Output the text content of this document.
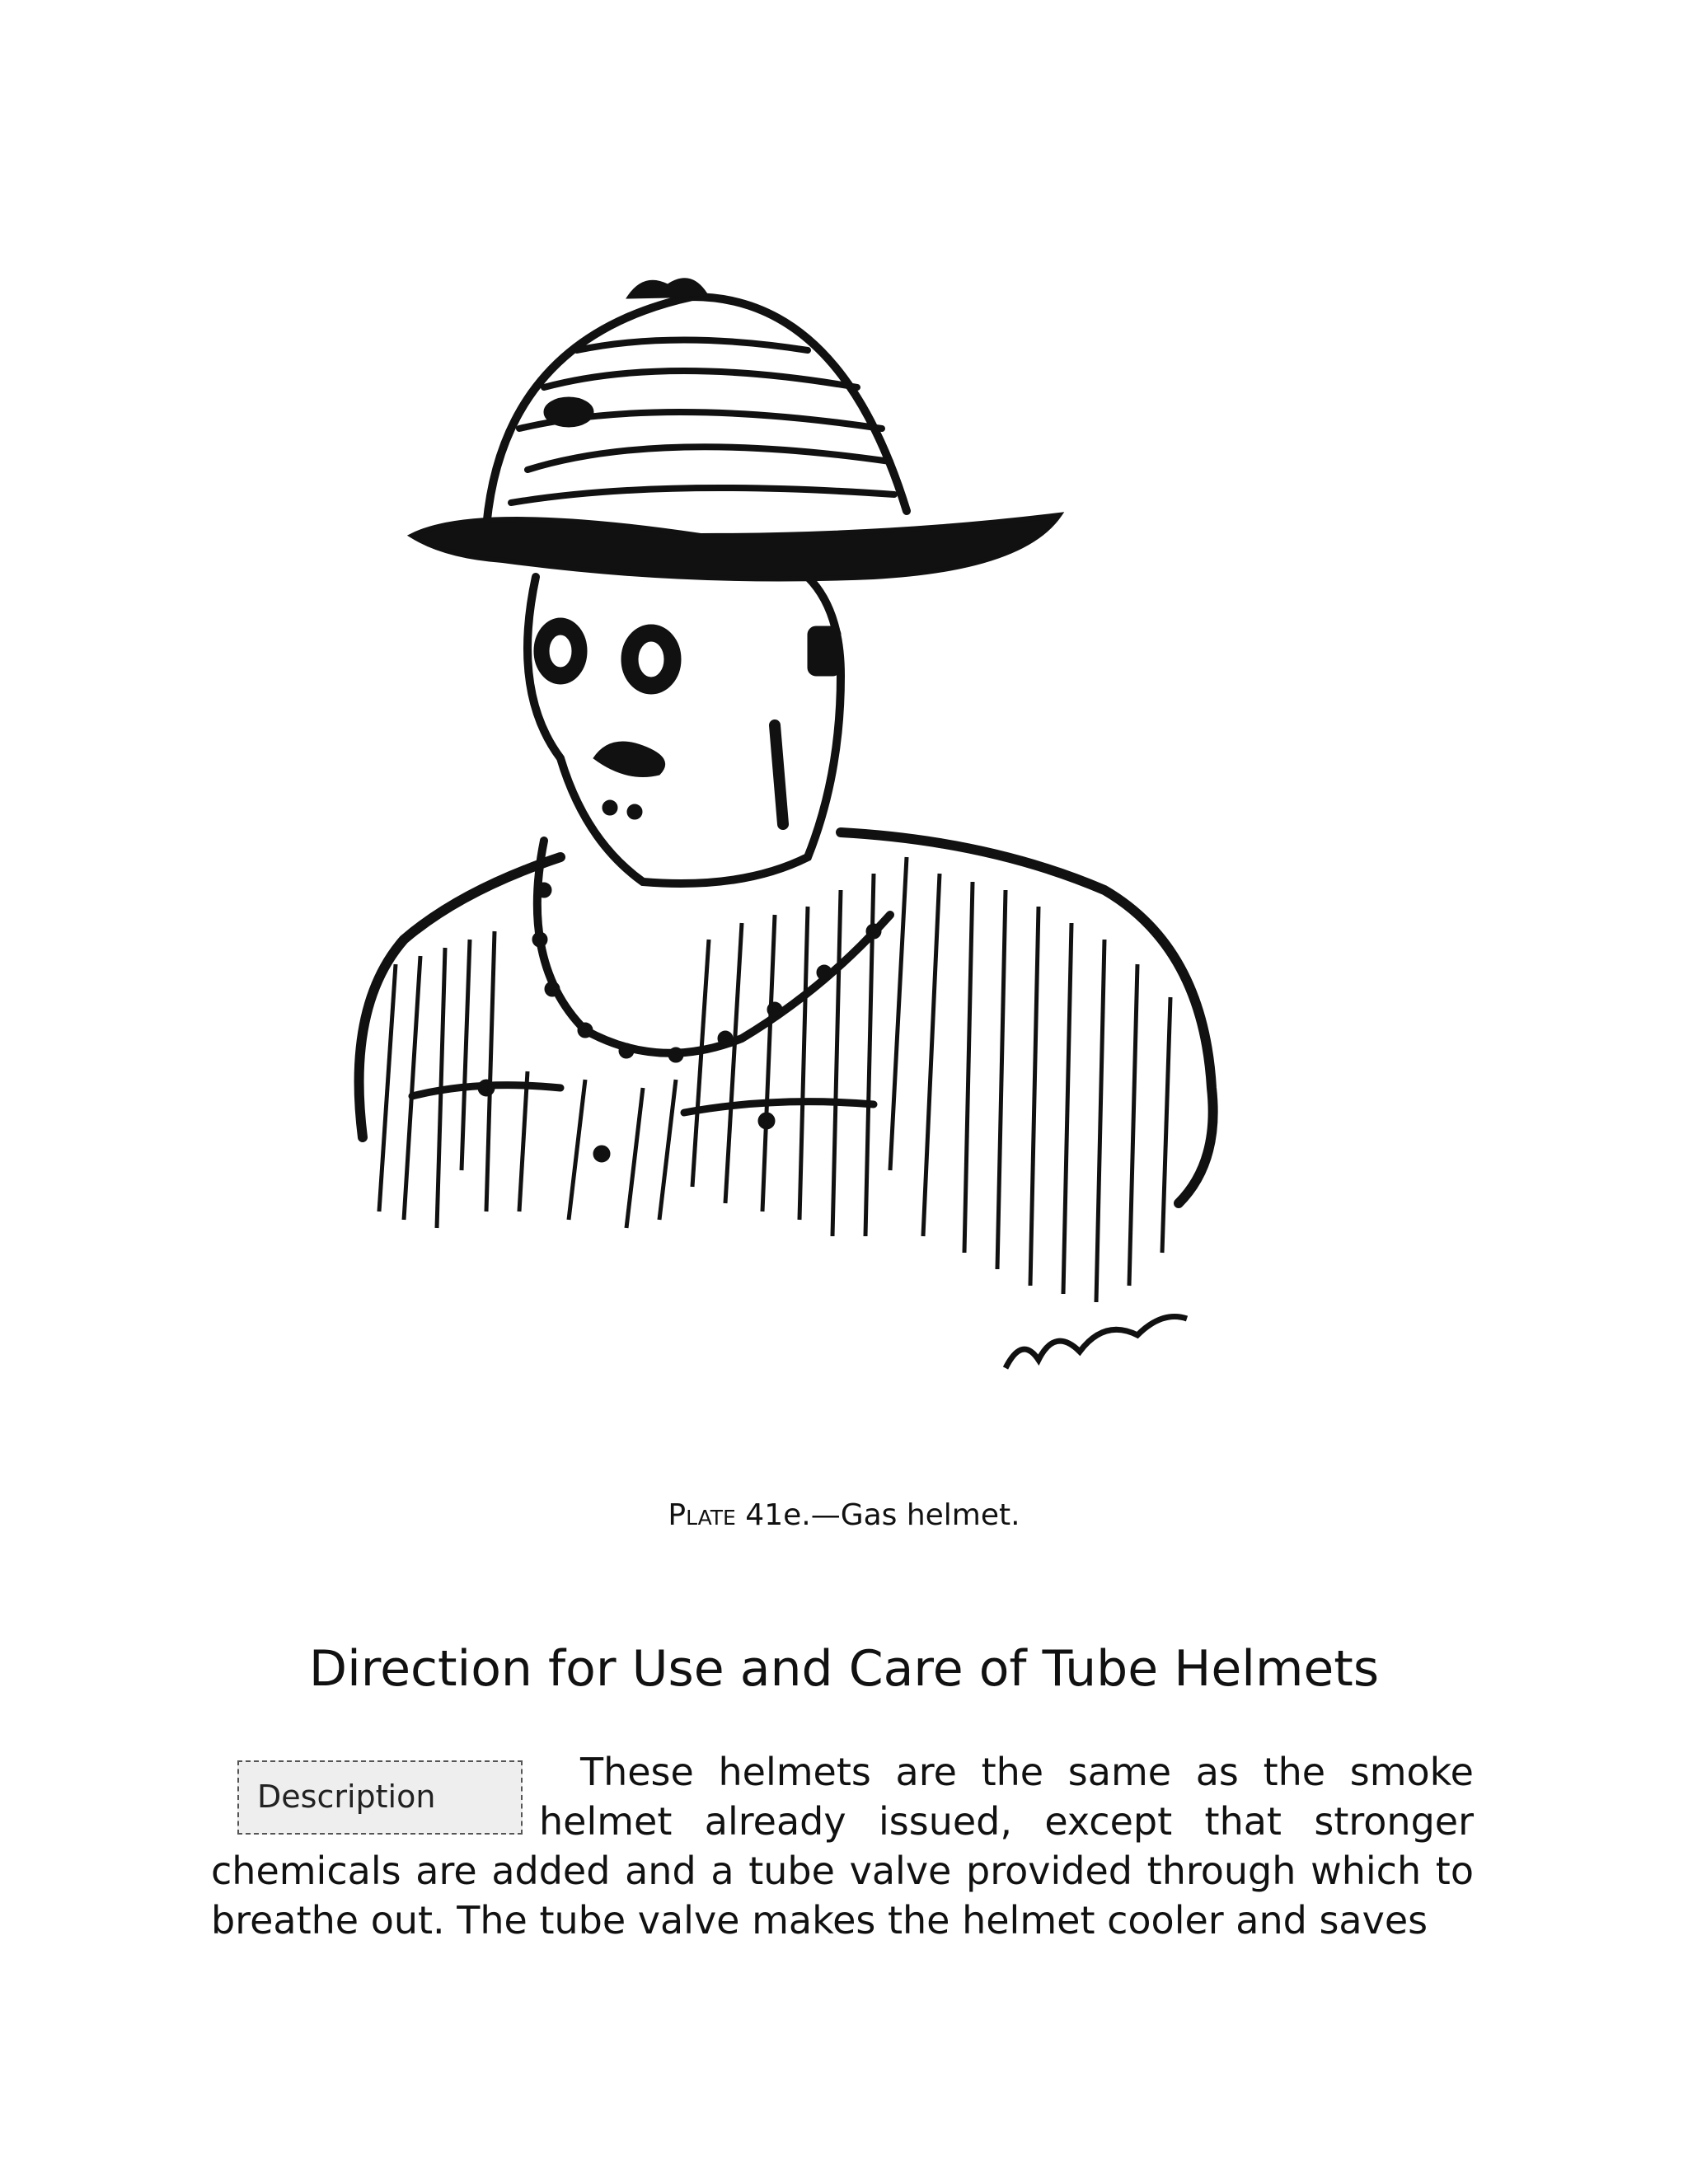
Plate 41e.—Gas helmet.
Direction for Use and Care of Tube Helmets
Description
These helmets are the same as the smoke helmet already issued, except that stronger chemicals are added and a tube valve provided through which to breathe out. The tube valve makes the helmet cooler and saves
